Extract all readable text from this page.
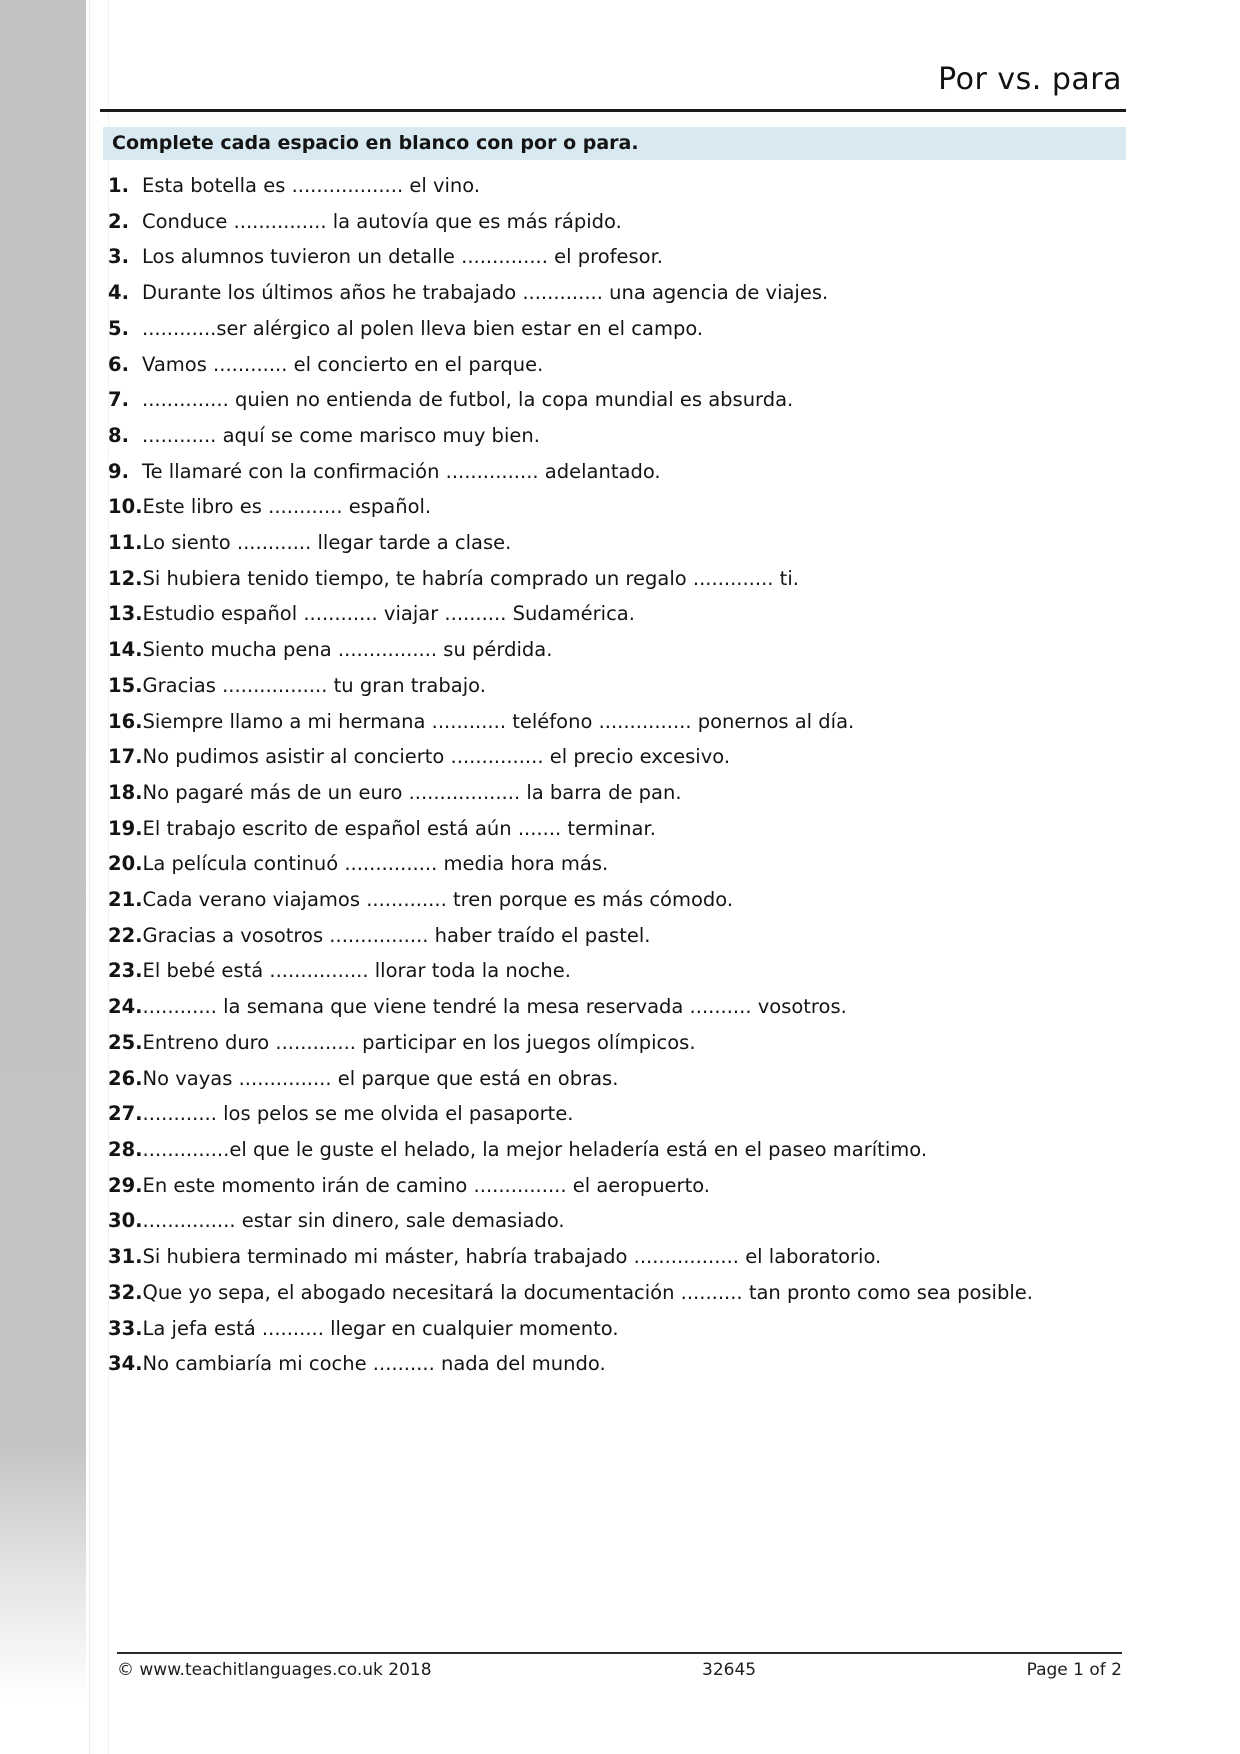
Por vs. para
Complete cada espacio en blanco con por o para.
1. Esta botella es .................. el vino.
2. Conduce ............... la autovía que es más rápido.
3. Los alumnos tuvieron un detalle .............. el profesor.
4. Durante los últimos años he trabajado ............. una agencia de viajes.
5. ............ser alérgico al polen lleva bien estar en el campo.
6. Vamos ............ el concierto en el parque.
7. .............. quien no entienda de futbol, la copa mundial es absurda.
8. ............ aquí se come marisco muy bien.
9. Te llamaré con la confirmación ............... adelantado.
10.Este libro es ............ español.
11.Lo siento ............ llegar tarde a clase.
12.Si hubiera tenido tiempo, te habría comprado un regalo ............. ti.
13.Estudio español ............ viajar .......... Sudamérica.
14.Siento mucha pena ................ su pérdida.
15.Gracias ................. tu gran trabajo.
16.Siempre llamo a mi hermana ............ teléfono ............... ponernos al día.
17.No pudimos asistir al concierto ............... el precio excesivo.
18.No pagaré más de un euro .................. la barra de pan.
19.El trabajo escrito de español está aún ....... terminar.
20.La película continuó ............... media hora más.
21.Cada verano viajamos ............. tren porque es más cómodo.
22.Gracias a vosotros ................ haber traído el pastel.
23.El bebé está ................ llorar toda la noche.
24............. la semana que viene tendré la mesa reservada .......... vosotros.
25.Entreno duro ............. participar en los juegos olímpicos.
26.No vayas ............... el parque que está en obras.
27............. los pelos se me olvida el pasaporte.
28...............el que le guste el helado, la mejor heladería está en el paseo marítimo.
29.En este momento irán de camino ............... el aeropuerto.
30................ estar sin dinero, sale demasiado.
31.Si hubiera terminado mi máster, habría trabajado ................. el laboratorio.
32.Que yo sepa, el abogado necesitará la documentación .......... tan pronto como sea posible.
33.La jefa está .......... llegar en cualquier momento.
34.No cambiaría mi coche .......... nada del mundo.
© www.teachitlanguages.co.uk 2018	32645	Page 1 of 2
